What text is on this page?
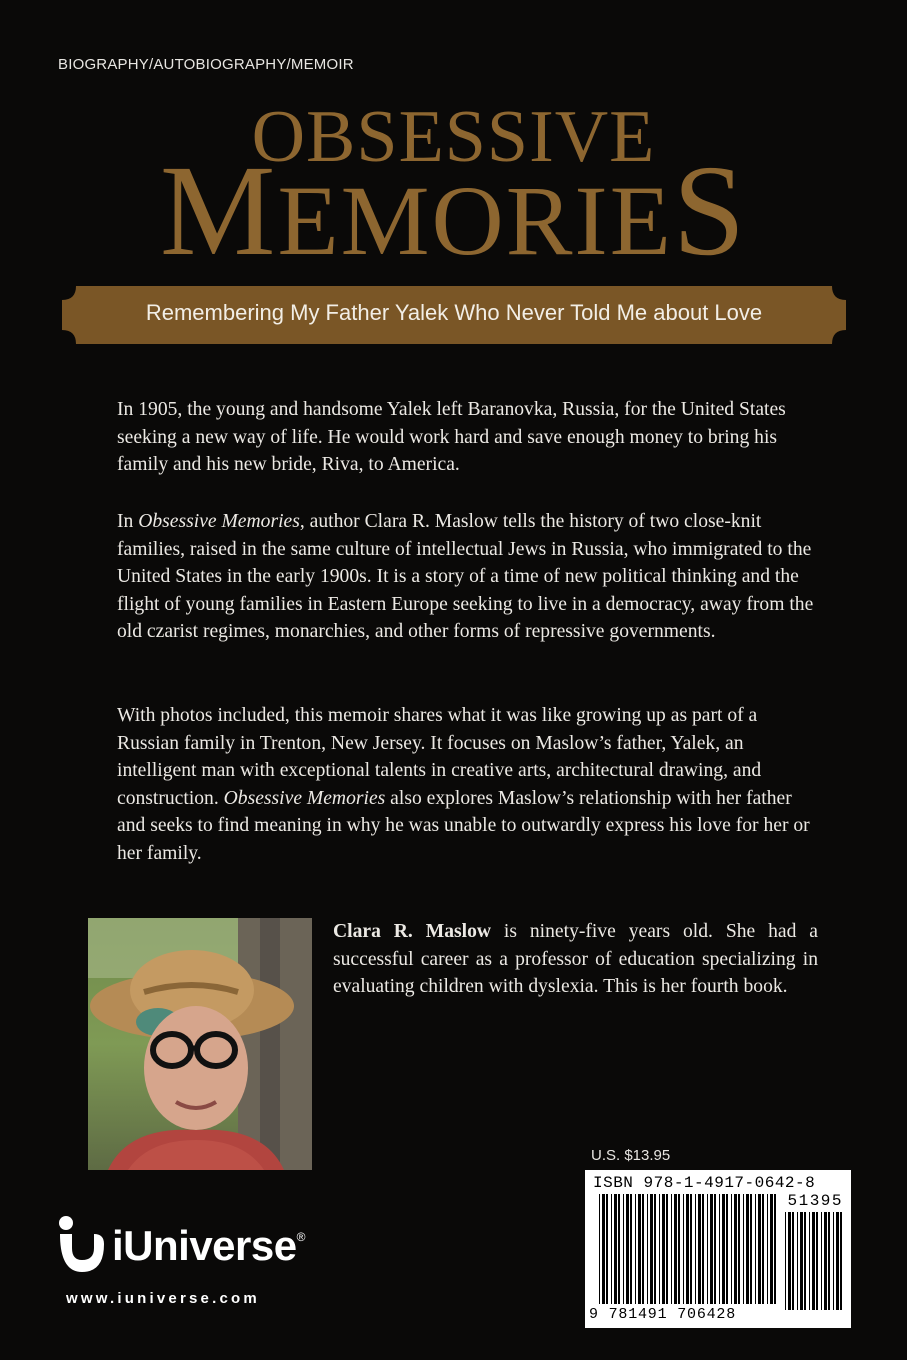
BIOGRAPHY/AUTOBIOGRAPHY/MEMOIR
OBSESSIVE
MEMORIES
Remembering My Father Yalek Who Never Told Me about Love

In 1905, the young and handsome Yalek left Baranovka, Russia, for the United States seeking a new way of life. He would work hard and save enough money to bring his family and his new bride, Riva, to America.

In Obsessive Memories, author Clara R. Maslow tells the history of two close-knit families, raised in the same culture of intellectual Jews in Russia, who immigrated to the United States in the early 1900s. It is a story of a time of new political thinking and the flight of young families in Eastern Europe seeking to live in a democracy, away from the old czarist regimes, monarchies, and other forms of repressive governments.

With photos included, this memoir shares what it was like growing up as part of a Russian family in Trenton, New Jersey. It focuses on Maslow’s father, Yalek, an intelligent man with exceptional talents in creative arts, architectural drawing, and construction. Obsessive Memories also explores Maslow’s relationship with her father and seeks to find meaning in why he was unable to outwardly express his love for her or her family.

Clara R. Maslow is ninety-five years old. She had a successful career as a professor of education specializing in evaluating children with dyslexia. This is her fourth book.

U.S. $13.95
ISBN 978-1-4917-0642-8
51395
9 781491 706428
iUniverse®
www.iuniverse.com
